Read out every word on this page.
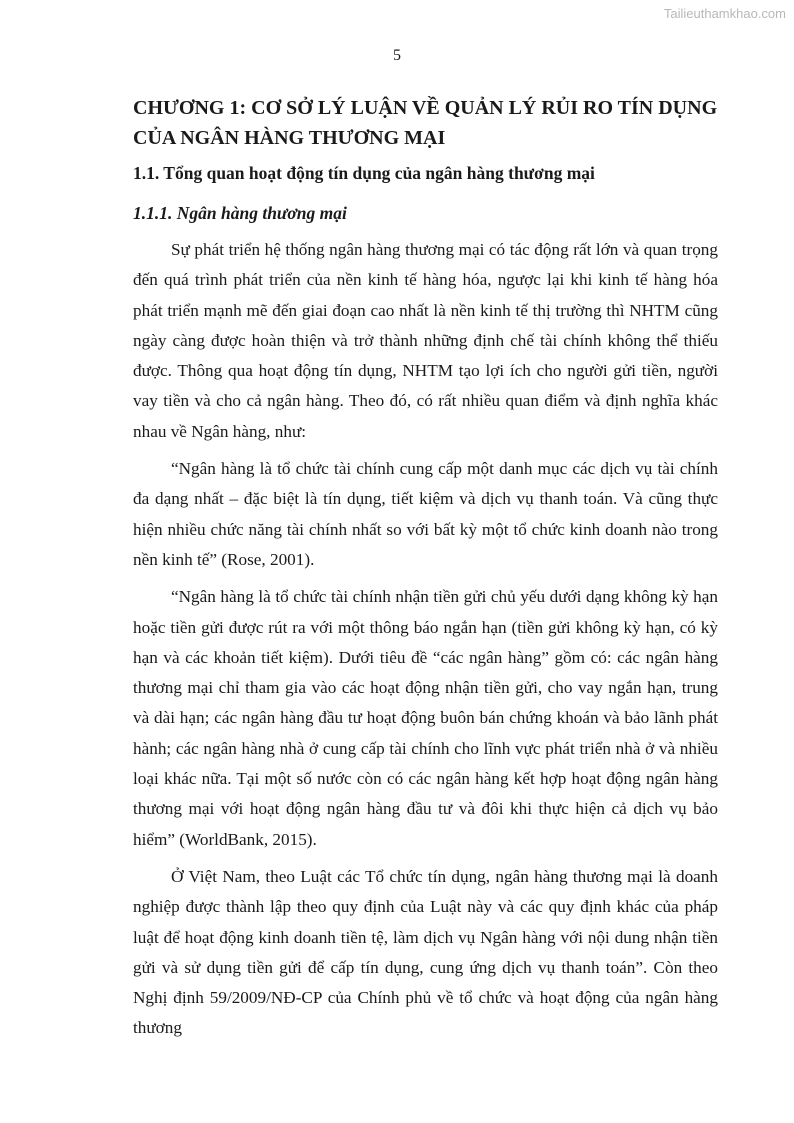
Tailieuthamkhao.com
5
CHƯƠNG 1: CƠ SỞ LÝ LUẬN VỀ QUẢN LÝ RỦI RO TÍN DỤNG CỦA NGÂN HÀNG THƯƠNG MẠI
1.1. Tổng quan hoạt động tín dụng của ngân hàng thương mại
1.1.1. Ngân hàng thương mại

Sự phát triển hệ thống ngân hàng thương mại có tác động rất lớn và quan trọng đến quá trình phát triển của nền kinh tế hàng hóa, ngược lại khi kinh tế hàng hóa phát triển mạnh mẽ đến giai đoạn cao nhất là nền kinh tế thị trường thì NHTM cũng ngày càng được hoàn thiện và trở thành những định chế tài chính không thể thiếu được. Thông qua hoạt động tín dụng, NHTM tạo lợi ích cho người gửi tiền, người vay tiền và cho cả ngân hàng. Theo đó, có rất nhiều quan điểm và định nghĩa khác nhau về Ngân hàng, như:

“Ngân hàng là tổ chức tài chính cung cấp một danh mục các dịch vụ tài chính đa dạng nhất – đặc biệt là tín dụng, tiết kiệm và dịch vụ thanh toán. Và cũng thực hiện nhiều chức năng tài chính nhất so với bất kỳ một tổ chức kinh doanh nào trong nền kinh tế” (Rose, 2001).

“Ngân hàng là tổ chức tài chính nhận tiền gửi chủ yếu dưới dạng không kỳ hạn hoặc tiền gửi được rút ra với một thông báo ngắn hạn (tiền gửi không kỳ hạn, có kỳ hạn và các khoản tiết kiệm). Dưới tiêu đề “các ngân hàng” gồm có: các ngân hàng thương mại chỉ tham gia vào các hoạt động nhận tiền gửi, cho vay ngắn hạn, trung và dài hạn; các ngân hàng đầu tư hoạt động buôn bán chứng khoán và bảo lãnh phát hành; các ngân hàng nhà ở cung cấp tài chính cho lĩnh vực phát triển nhà ở và nhiều loại khác nữa. Tại một số nước còn có các ngân hàng kết hợp hoạt động ngân hàng thương mại với hoạt động ngân hàng đầu tư và đôi khi thực hiện cả dịch vụ bảo hiểm” (WorldBank, 2015).

Ở Việt Nam, theo Luật các Tổ chức tín dụng, ngân hàng thương mại là doanh nghiệp được thành lập theo quy định của Luật này và các quy định khác của pháp luật để hoạt động kinh doanh tiền tệ, làm dịch vụ Ngân hàng với nội dung nhận tiền gửi và sử dụng tiền gửi để cấp tín dụng, cung ứng dịch vụ thanh toán”. Còn theo Nghị định 59/2009/NĐ-CP của Chính phủ về tổ chức và hoạt động của ngân hàng thương
